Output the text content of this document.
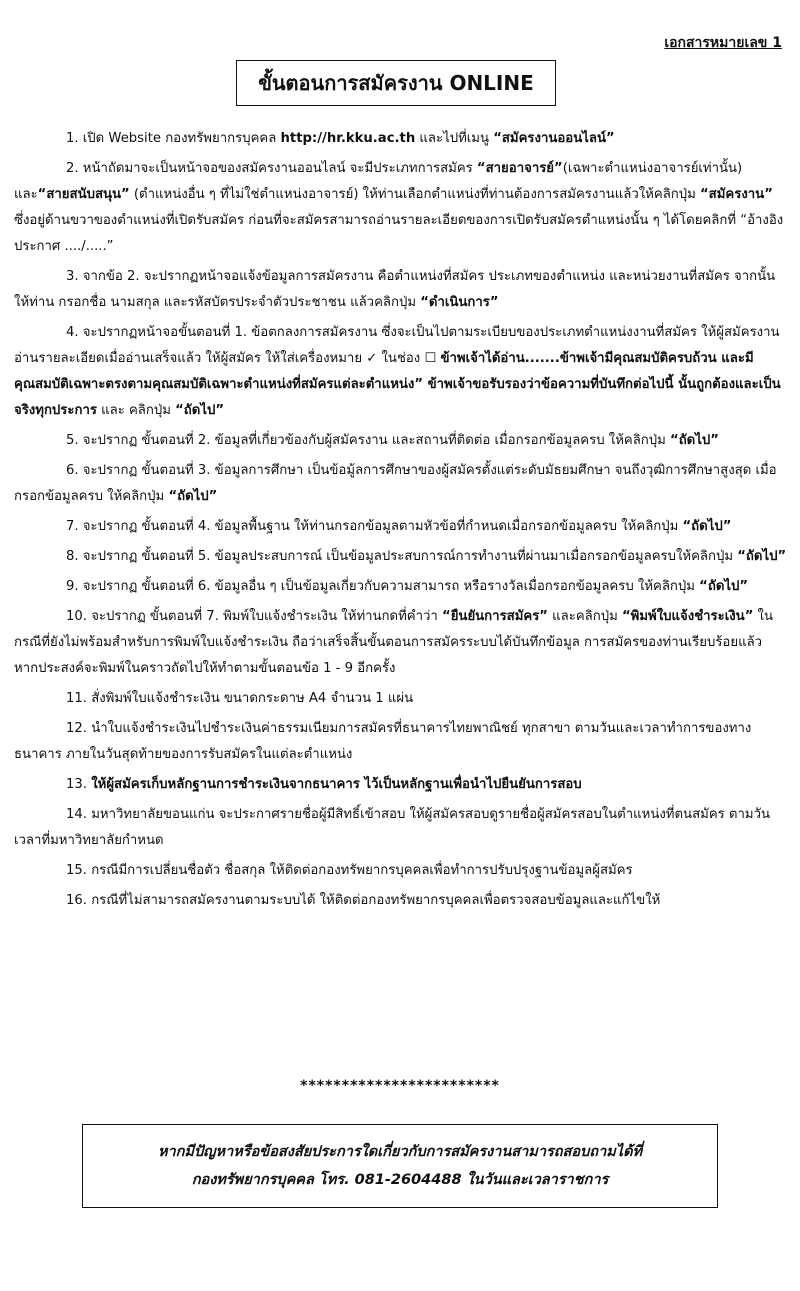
เอกสารหมายเลข 1
ขั้นตอนการสมัครงาน ONLINE

1. เปิด Website กองทรัพยากรบุคคล http://hr.kku.ac.th และไปที่เมนู “สมัครงานออนไลน์”

2. หน้าถัดมาจะเป็นหน้าจอของสมัครงานออนไลน์ จะมีประเภทการสมัคร “สายอาจารย์”(เฉพาะตำแหน่งอาจารย์เท่านั้น) และ“สายสนับสนุน” (ตำแหน่งอื่น ๆ ที่ไม่ใช่ตำแหน่งอาจารย์) ให้ท่านเลือกตำแหน่งที่ท่านต้องการสมัครงานแล้วให้คลิกปุ่ม “สมัครงาน” ซึ่งอยู่ด้านขวาของตำแหน่งที่เปิดรับสมัคร ก่อนที่จะสมัครสามารถอ่านรายละเอียดของการเปิดรับสมัครตำแหน่งนั้น ๆ ได้โดยคลิกที่ “อ้างอิงประกาศ ..../.....”

3. จากข้อ 2. จะปรากฏหน้าจอแจ้งข้อมูลการสมัครงาน คือตำแหน่งที่สมัคร ประเภทของตำแหน่ง และหน่วยงานที่สมัคร จากนั้นให้ท่าน กรอกชื่อ นามสกุล และรหัสบัตรประจำตัวประชาชน แล้วคลิกปุ่ม “ดำเนินการ”

4. จะปรากฏหน้าจอขั้นตอนที่ 1. ข้อตกลงการสมัครงาน ซึ่งจะเป็นไปตามระเบียบของประเภทตำแหน่งงานที่สมัคร ให้ผู้สมัครงานอ่านรายละเอียดเมื่ออ่านเสร็จแล้ว ให้ผู้สมัคร ให้ใส่เครื่องหมาย ✓ ในช่อง ☐ ข้าพเจ้าได้อ่าน.......ข้าพเจ้ามีคุณสมบัติครบถ้วน และมีคุณสมบัติเฉพาะตรงตามคุณสมบัติเฉพาะตำแหน่งที่สมัครแต่ละตำแหน่ง” ข้าพเจ้าขอรับรองว่าข้อความที่บันทึกต่อไปนี้ นั้นถูกต้องและเป็นจริงทุกประการ และ คลิกปุ่ม “ถัดไป”

5. จะปรากฏ ขั้นตอนที่ 2. ข้อมูลที่เกี่ยวข้องกับผู้สมัครงาน และสถานที่ติดต่อ เมื่อกรอกข้อมูลครบ ให้คลิกปุ่ม “ถัดไป”

6. จะปรากฏ ขั้นตอนที่ 3. ข้อมูลการศึกษา เป็นข้อมู้ลการศึกษาของผู้สมัครตั้งแต่ระดับมัธยมศึกษา จนถึงวุฒิการศึกษาสูงสุด เมื่อกรอกข้อมูลครบ ให้คลิกปุ่ม “ถัดไป”

7. จะปรากฏ ขั้นตอนที่ 4. ข้อมูลพื้นฐาน ให้ท่านกรอกข้อมูลตามหัวข้อที่กำหนดเมื่อกรอกข้อมูลครบ ให้คลิกปุ่ม “ถัดไป”

8. จะปรากฏ ขั้นตอนที่ 5. ข้อมูลประสบการณ์ เป็นข้อมูลประสบการณ์การทำงานที่ผ่านมาเมื่อกรอกข้อมูลครบให้คลิกปุ่ม “ถัดไป”

9. จะปรากฏ ขั้นตอนที่ 6. ข้อมูลอื่น ๆ เป็นข้อมูลเกี่ยวกับความสามารถ หรือรางวัลเมื่อกรอกข้อมูลครบ ให้คลิกปุ่ม “ถัดไป”

10. จะปรากฏ ขั้นตอนที่ 7. พิมพ์ใบแจ้งชำระเงิน ให้ท่านกดที่คำว่า “ยืนยันการสมัคร” และคลิกปุ่ม “พิมพ์ใบแจ้งชำระเงิน” ในกรณีที่ยังไม่พร้อมสำหรับการพิมพ์ใบแจ้งชำระเงิน ถือว่าเสร็จสิ้นขั้นตอนการสมัครระบบได้บันทึกข้อมูล การสมัครของท่านเรียบร้อยแล้ว หากประสงค์จะพิมพ์ในคราวถัดไปให้ทำตามขั้นตอนข้อ 1 - 9 อีกครั้ง

11. สั่งพิมพ์ใบแจ้งชำระเงิน ขนาดกระดาษ A4 จำนวน 1 แผ่น

12. นำใบแจ้งชำระเงินไปชำระเงินค่าธรรมเนียมการสมัครที่ธนาคารไทยพาณิชย์ ทุกสาขา ตามวันและเวลาทำการของทางธนาคาร ภายในวันสุดท้ายของการรับสมัครในแต่ละตำแหน่ง

13. ให้ผู้สมัครเก็บหลักฐานการชำระเงินจากธนาคาร ไว้เป็นหลักฐานเพื่อนำไปยืนยันการสอบ

14. มหาวิทยาลัยขอนแก่น จะประกาศรายชื่อผู้มีสิทธิ์เข้าสอบ ให้ผู้สมัครสอบดูรายชื่อผู้สมัครสอบในตำแหน่งที่ตนสมัคร ตามวันเวลาที่มหาวิทยาลัยกำหนด

15. กรณีมีการเปลี่ยนชื่อตัว ชื่อสกุล ให้ติดต่อกองทรัพยากรบุคคลเพื่อทำการปรับปรุงฐานข้อมูลผู้สมัคร

16. กรณีที่ไม่สามารถสมัครงานตามระบบได้ ให้ติดต่อกองทรัพยากรบุคคลเพื่อตรวจสอบข้อมูลและแก้ไขให้

************************
หากมีปัญหาหรือข้อสงสัยประการใดเกี่ยวกับการสมัครงานสามารถสอบถามได้ที่
กองทรัพยากรบุคคล โทร. 081-2604488 ในวันและเวลาราชการ
